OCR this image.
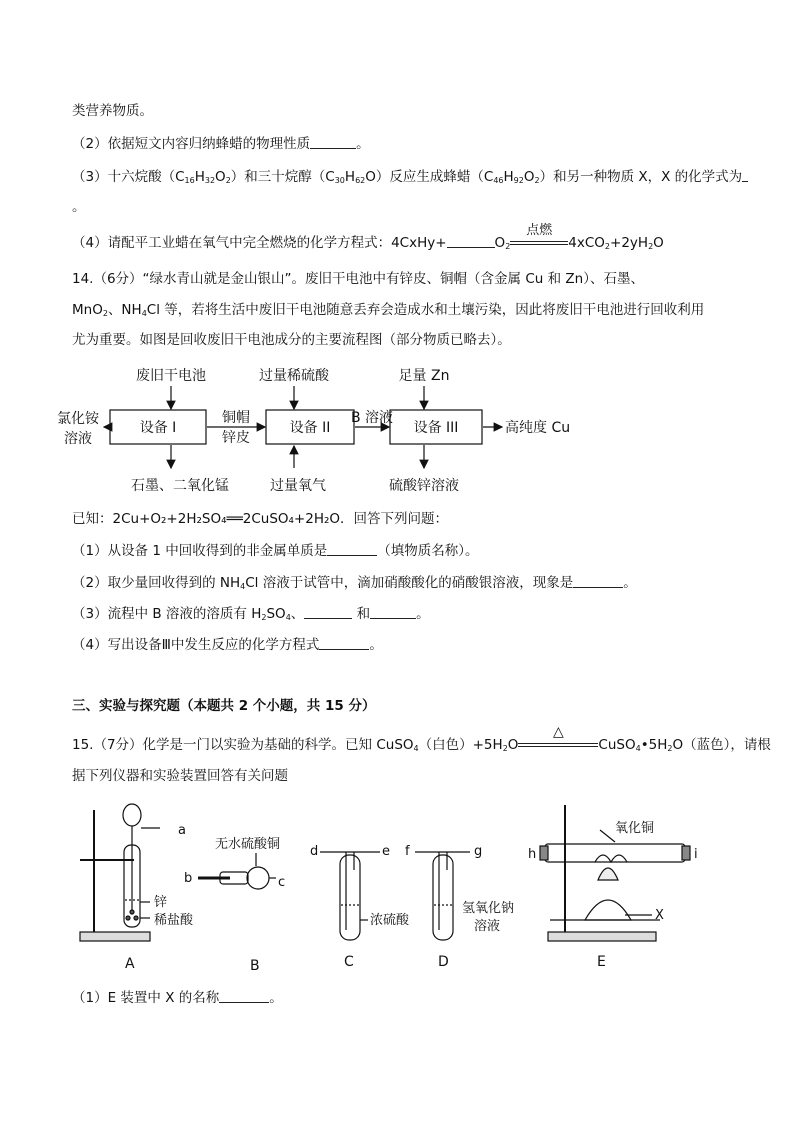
类营养物质。
（2）依据短文内容归纳蜂蜡的物理性质	。
（3）十六烷酸$(C_{16}H_{32}O_2)$和三十烷醇$(C_{30}H_{62}O)$反应生成蜂蜡$(C_{46}H_{92}O_2)$和另一种物质 X，X 的化学式为
。
（4）请配平工业蜡在氧气中完全燃烧的化学方程式：4CxHy+	$O_2$
点燃
$4xCO_2+2yH_2O$
14.（6分）“绿水青山就是金山银山”。废旧干电池中有锌皮、铜帽（含金属 Cu 和 Zn）、石墨、
MnO$_2$、$NH_4Cl$ 等，若将生活中废旧干电池随意丢弃会造成水和土壤污染，因此将废旧干电池进行回收利用
尤为重要。如图是回收废旧干电池成分的主要流程图（部分物质已略去）。
设备 I	设备 II	设备 III
废旧干电池	过量稀硫酸	足量 Zn
氯化铵
溶液
铜帽
锌皮
B 溶液
高纯度 Cu
石墨、二氧化锰	过量氧气	硫酸锌溶液
已知：2Cu+O₂+2H₂SO₄══2CuSO₄+2H₂O．回答下列问题：
（1）从设备 1 中回收得到的非金属单质是	（填物质名称）。
（2）取少量回收得到的 $NH_4Cl$ 溶液于试管中，滴加硝酸酸化的硝酸银溶液，现象是	。
（3）流程中 B 溶液的溶质有 $H_2SO_4$、	和	。
（4）写出设备Ⅲ中发生反应的化学方程式	。
三、实验与探究题（本题共 2 个小题，共 15 分）
15.（7分）化学是一门以实验为基础的科学。已知 CuSO$_4$（白色）$+5H_2O$
△
$CuSO_4•5H_2O$（蓝色），请根
据下列仪器和实验装置回答有关问题
a
锌
稀盐酸
A
无水硫酸铜
b	c
B
d	e
浓硫酸
C
f	g
氢氧化钠
溶液
D
氧化铜
h	i
X
E
（1）E 装置中 X 的名称	。
